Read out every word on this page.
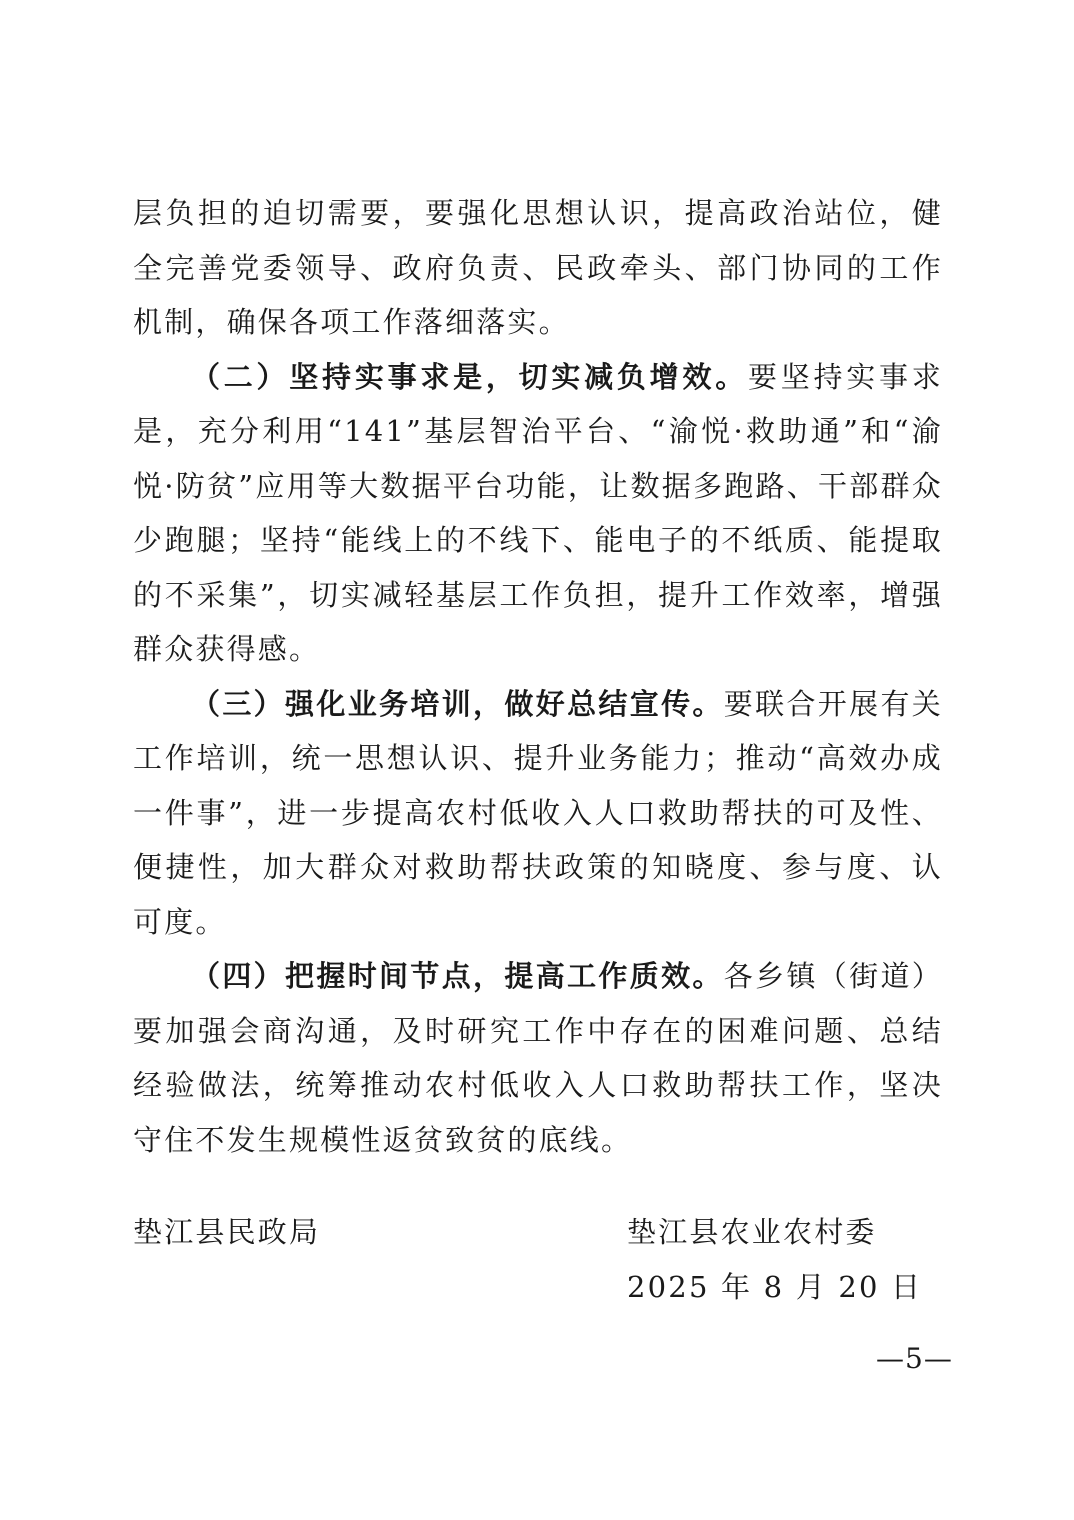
层负担的迫切需要，要强化思想认识，提高政治站位，健全完善党委领导、政府负责、民政牵头、部门协同的工作机制，确保各项工作落细落实。

（二）坚持实事求是，切实减负增效。要坚持实事求是，充分利用“141”基层智治平台、“渝悦·救助通”和“渝悦·防贫”应用等大数据平台功能，让数据多跑路、干部群众少跑腿；坚持“能线上的不线下、能电子的不纸质、能提取的不采集”，切实减轻基层工作负担，提升工作效率，增强群众获得感。

（三）强化业务培训，做好总结宣传。要联合开展有关工作培训，统一思想认识、提升业务能力；推动“高效办成一件事”，进一步提高农村低收入人口救助帮扶的可及性、便捷性，加大群众对救助帮扶政策的知晓度、参与度、认可度。

（四）把握时间节点，提高工作质效。各乡镇（街道）要加强会商沟通，及时研究工作中存在的困难问题、总结经验做法，统筹推动农村低收入人口救助帮扶工作，坚决守住不发生规模性返贫致贫的底线。

垫江县民政局	垫江县农业农村委
2025 年 8 月 20 日
—5—
